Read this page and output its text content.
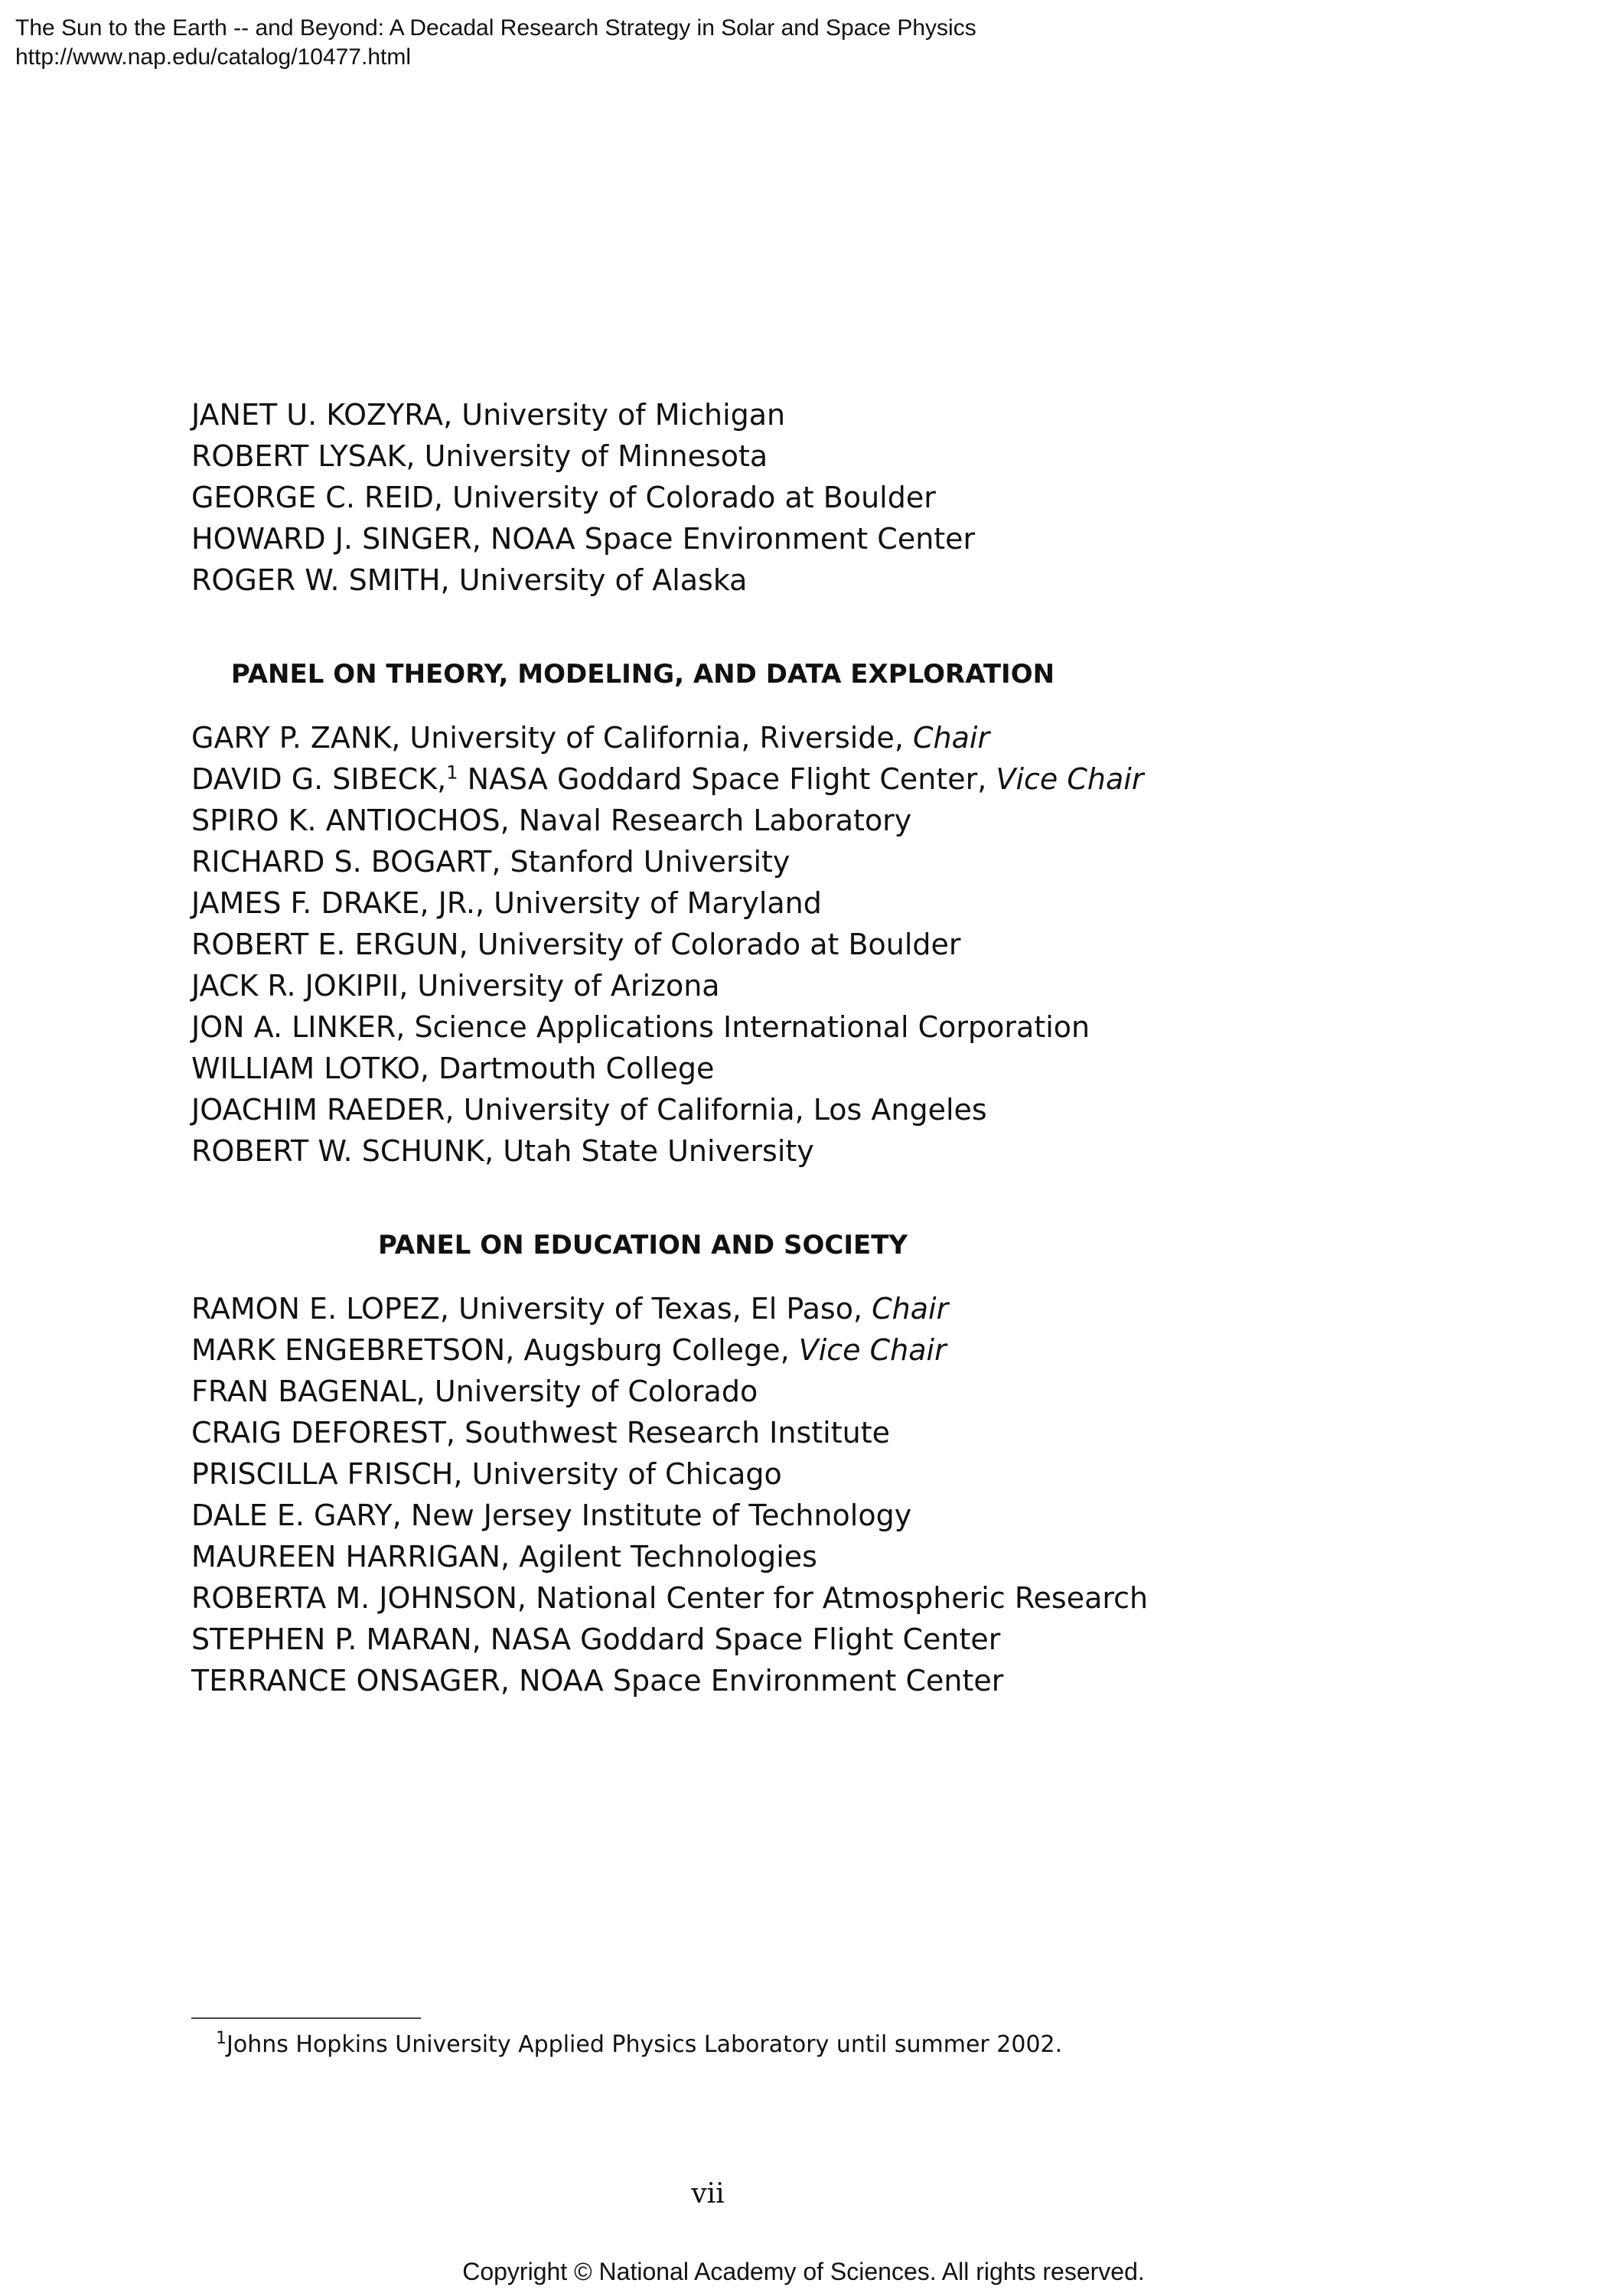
The Sun to the Earth -- and Beyond: A Decadal Research Strategy in Solar and Space Physics
http://www.nap.edu/catalog/10477.html
JANET U. KOZYRA, University of Michigan
ROBERT LYSAK, University of Minnesota
GEORGE C. REID, University of Colorado at Boulder
HOWARD J. SINGER, NOAA Space Environment Center
ROGER W. SMITH, University of Alaska
PANEL ON THEORY, MODELING, AND DATA EXPLORATION
GARY P. ZANK, University of California, Riverside, Chair
DAVID G. SIBECK,$^1$ NASA Goddard Space Flight Center, Vice Chair
SPIRO K. ANTIOCHOS, Naval Research Laboratory
RICHARD S. BOGART, Stanford University
JAMES F. DRAKE, JR., University of Maryland
ROBERT E. ERGUN, University of Colorado at Boulder
JACK R. JOKIPII, University of Arizona
JON A. LINKER, Science Applications International Corporation
WILLIAM LOTKO, Dartmouth College
JOACHIM RAEDER, University of California, Los Angeles
ROBERT W. SCHUNK, Utah State University
PANEL ON EDUCATION AND SOCIETY
RAMON E. LOPEZ, University of Texas, El Paso, Chair
MARK ENGEBRETSON, Augsburg College, Vice Chair
FRAN BAGENAL, University of Colorado
CRAIG DEFOREST, Southwest Research Institute
PRISCILLA FRISCH, University of Chicago
DALE E. GARY, New Jersey Institute of Technology
MAUREEN HARRIGAN, Agilent Technologies
ROBERTA M. JOHNSON, National Center for Atmospheric Research
STEPHEN P. MARAN, NASA Goddard Space Flight Center
TERRANCE ONSAGER, NOAA Space Environment Center
$^1$Johns Hopkins University Applied Physics Laboratory until summer 2002.
vii
Copyright © National Academy of Sciences. All rights reserved.
